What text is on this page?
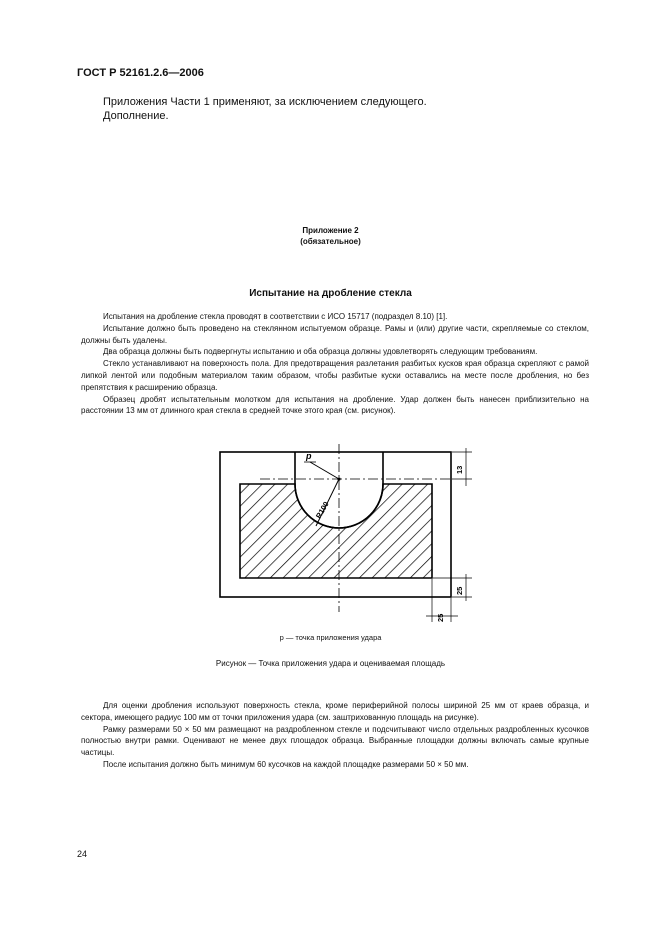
ГОСТ Р 52161.2.6—2006
Приложения Части 1 применяют, за исключением следующего.
Дополнение.
Приложение 2
(обязательное)
Испытание на дробление стекла

Испытания на дробление стекла проводят в соответствии с ИСО 15717 (подраздел 8.10) [1].

Испытание должно быть проведено на стеклянном испытуемом образце. Рамы и (или) другие части, скрепляемые со стеклом, должны быть удалены.

Два образца должны быть подвергнуты испытанию и оба образца должны удовлетворять следующим требованиям.

Стекло устанавливают на поверхность пола. Для предотвращения разлетания разбитых кусков края образца скрепляют с рамой липкой лентой или подобным материалом таким образом, чтобы разбитые куски оставались на месте после дробления, но без препятствия к расширению образца.

Образец дробят испытательным молотком для испытания на дробление. Удар должен быть нанесен приблизительно на расстоянии 13 мм от длинного края стекла в средней точке этого края (см. рисунок).

p
R100
13
25
25
p — точка приложения удара
Рисунок — Точка приложения удара и оцениваемая площадь

Для оценки дробления используют поверхность стекла, кроме периферийной полосы шириной 25 мм от краев образца, и сектора, имеющего радиус 100 мм от точки приложения удара (см. заштрихованную площадь на рисунке).

Рамку размерами 50 × 50 мм размещают на раздробленном стекле и подсчитывают число отдельных раздробленных кусочков полностью внутри рамки. Оценивают не менее двух площадок образца. Выбранные площадки должны включать самые крупные частицы.

После испытания должно быть минимум 60 кусочков на каждой площадке размерами 50 × 50 мм.

24
